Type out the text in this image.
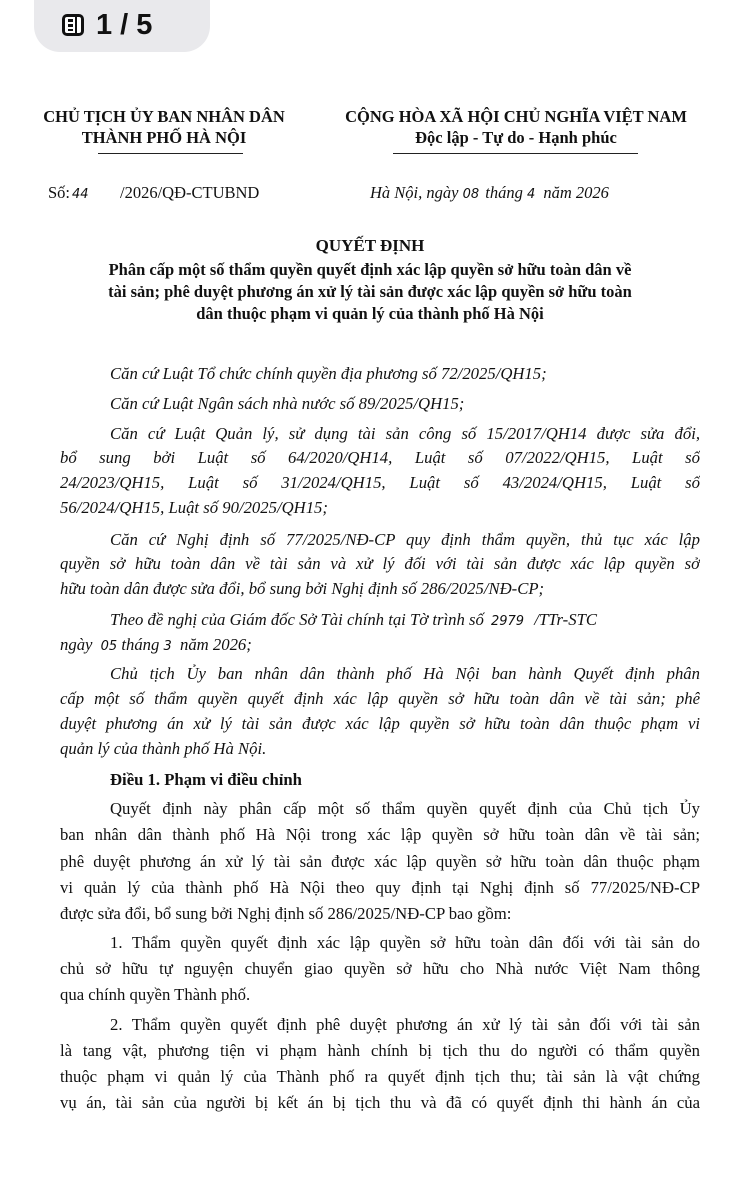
1 / 5
CHỦ TỊCH ỦY BAN NHÂN DÂN
THÀNH PHỐ HÀ NỘI
CỘNG HÒA XÃ HỘI CHỦ NGHĨA VIỆT NAM
Độc lập - Tự do - Hạnh phúc
Số: 44 /2026/QĐ-CTUBND	Hà Nội, ngày 08 tháng 4 năm 2026
QUYẾT ĐỊNH
Phân cấp một số thẩm quyền quyết định xác lập quyền sở hữu toàn dân về
tài sản; phê duyệt phương án xử lý tài sản được xác lập quyền sở hữu toàn
dân thuộc phạm vi quản lý của thành phố Hà Nội
Căn cứ Luật Tổ chức chính quyền địa phương số 72/2025/QH15;
Căn cứ Luật Ngân sách nhà nước số 89/2025/QH15;
Căn cứ Luật Quản lý, sử dụng tài sản công số 15/2017/QH14 được sửa đổi,
bổ sung bởi Luật số 64/2020/QH14, Luật số 07/2022/QH15, Luật số
24/2023/QH15, Luật số 31/2024/QH15, Luật số 43/2024/QH15, Luật số
56/2024/QH15, Luật số 90/2025/QH15;
Căn cứ Nghị định số 77/2025/NĐ-CP quy định thẩm quyền, thủ tục xác lập
quyền sở hữu toàn dân về tài sản và xử lý đối với tài sản được xác lập quyền sở
hữu toàn dân được sửa đổi, bổ sung bởi Nghị định số 286/2025/NĐ-CP;
Theo đề nghị của Giám đốc Sở Tài chính tại Tờ trình số 2979 /TTr-STC
ngày 05 tháng 3 năm 2026;
Chủ tịch Ủy ban nhân dân thành phố Hà Nội ban hành Quyết định phân
cấp một số thẩm quyền quyết định xác lập quyền sở hữu toàn dân về tài sản; phê
duyệt phương án xử lý tài sản được xác lập quyền sở hữu toàn dân thuộc phạm vi
quản lý của thành phố Hà Nội.
Điều 1. Phạm vi điều chỉnh
Quyết định này phân cấp một số thẩm quyền quyết định của Chủ tịch Ủy
ban nhân dân thành phố Hà Nội trong xác lập quyền sở hữu toàn dân về tài sản;
phê duyệt phương án xử lý tài sản được xác lập quyền sở hữu toàn dân thuộc phạm
vi quản lý của thành phố Hà Nội theo quy định tại Nghị định số 77/2025/NĐ-CP
được sửa đổi, bổ sung bởi Nghị định số 286/2025/NĐ-CP bao gồm:
1. Thẩm quyền quyết định xác lập quyền sở hữu toàn dân đối với tài sản do
chủ sở hữu tự nguyện chuyển giao quyền sở hữu cho Nhà nước Việt Nam thông
qua chính quyền Thành phố.
2. Thẩm quyền quyết định phê duyệt phương án xử lý tài sản đối với tài sản
là tang vật, phương tiện vi phạm hành chính bị tịch thu do người có thẩm quyền
thuộc phạm vi quản lý của Thành phố ra quyết định tịch thu; tài sản là vật chứng
vụ án, tài sản của người bị kết án bị tịch thu và đã có quyết định thi hành án của
